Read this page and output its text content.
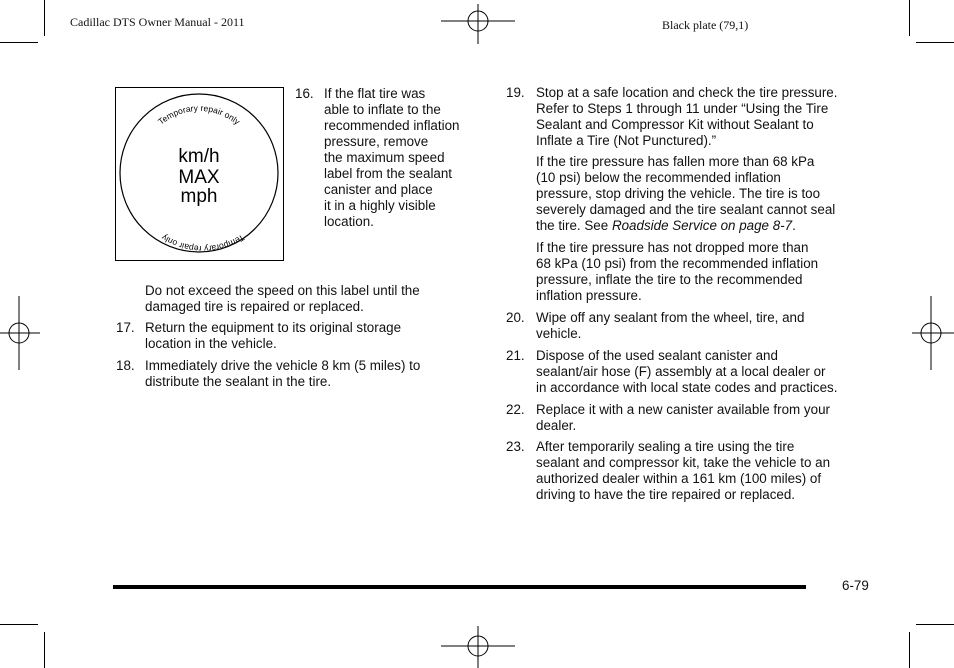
Cadillac DTS Owner Manual - 2011	Black plate (79,1)
Temporary repair only
Temporary repair only
km/h
MAX
mph
16. If the flat tire was
able to inflate to the
recommended inflation
pressure, remove
the maximum speed
label from the sealant
canister and place
it in a highly visible
location.
Do not exceed the speed on this label until the
damaged tire is repaired or replaced.
17. Return the equipment to its original storage
location in the vehicle.
18. Immediately drive the vehicle 8 km (5 miles) to
distribute the sealant in the tire.
19. Stop at a safe location and check the tire pressure.
Refer to Steps 1 through 11 under “Using the Tire
Sealant and Compressor Kit without Sealant to
Inflate a Tire (Not Punctured).”
If the tire pressure has fallen more than 68 kPa
(10 psi) below the recommended inflation
pressure, stop driving the vehicle. The tire is too
severely damaged and the tire sealant cannot seal
the tire. See Roadside Service on page 8‑7.
If the tire pressure has not dropped more than
68 kPa (10 psi) from the recommended inflation
pressure, inflate the tire to the recommended
inflation pressure.
20. Wipe off any sealant from the wheel, tire, and
vehicle.
21. Dispose of the used sealant canister and
sealant/air hose (F) assembly at a local dealer or
in accordance with local state codes and practices.
22. Replace it with a new canister available from your
dealer.
23. After temporarily sealing a tire using the tire
sealant and compressor kit, take the vehicle to an
authorized dealer within a 161 km (100 miles) of
driving to have the tire repaired or replaced.
6-79
